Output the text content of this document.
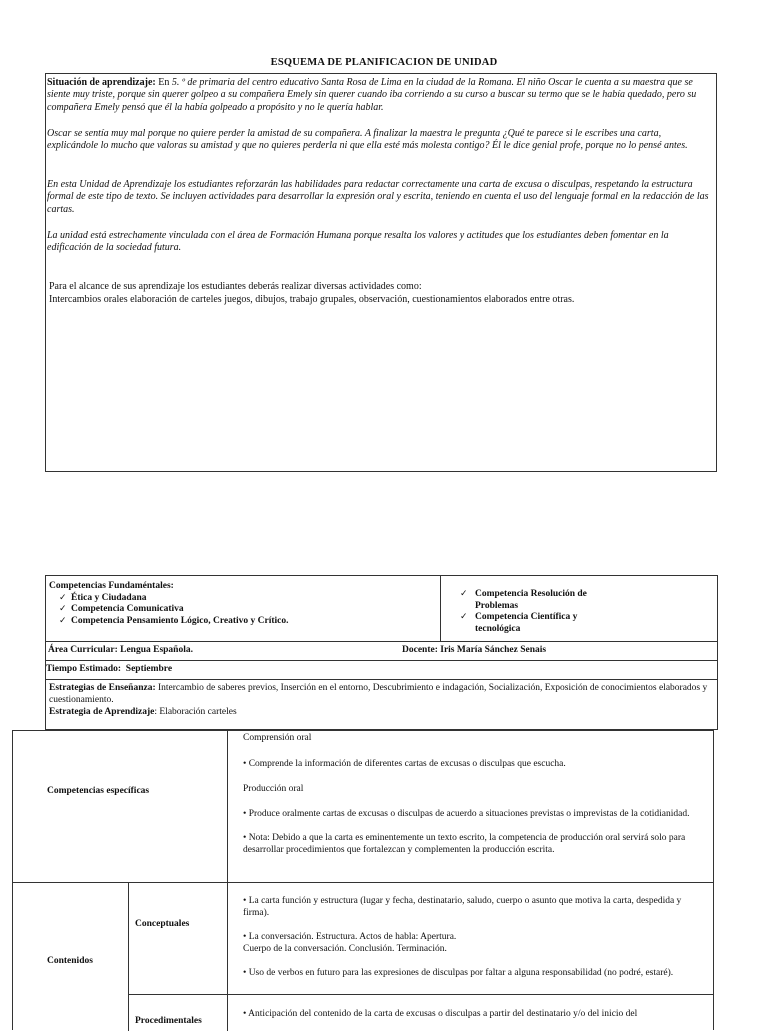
ESQUEMA DE PLANIFICACION DE UNIDAD
Situación de aprendizaje: En 5. º de primaria del centro educativo Santa Rosa de Lima en la ciudad de la Romana. El niño Oscar le cuenta a su maestra que se siente muy triste, porque sin querer golpeo a su compañera Emely sin querer cuando iba corriendo a su curso a buscar su termo que se le había quedado, pero su compañera Emely pensó que él la había golpeado a propósito y no le quería hablar.
Oscar se sentía muy mal porque no quiere perder la amistad de su compañera. A finalizar la maestra le pregunta ¿Qué te parece si le escribes una carta, explicándole lo mucho que valoras su amistad y que no quieres perderla ni que ella esté más molesta contigo? Él le dice genial profe, porque no lo pensé antes.
En esta Unidad de Aprendizaje los estudiantes reforzarán las habilidades para redactar correctamente una carta de excusa o disculpas, respetando la estructura formal de este tipo de texto. Se incluyen actividades para desarrollar la expresión oral y escrita, teniendo en cuenta el uso del lenguaje formal en la redacción de las cartas.
La unidad está estrechamente vinculada con el área de Formación Humana porque resalta los valores y actitudes que los estudiantes deben fomentar en la edificación de la sociedad futura.
Para el alcance de sus aprendizaje los estudiantes deberás realizar diversas actividades como:
Intercambios orales elaboración de carteles juegos, dibujos, trabajo grupales, observación, cuestionamientos elaborados entre otras.
Competencias Fundaméntales:
✓ Ética y Ciudadana
✓ Competencia Comunicativa
✓ Competencia Pensamiento Lógico, Creativo y Crítico.
✓ Competencia Resolución de Problemas
✓ Competencia Científica y tecnológica
Área Curricular: Lengua Española.	Docente: Iris María Sánchez Senais
Tiempo Estimado: Septiembre
Estrategias de Enseñanza: Intercambio de saberes previos, Inserción en el entorno, Descubrimiento e indagación, Socialización, Exposición de conocimientos elaborados y cuestionamiento.
Estrategia de Aprendizaje: Elaboración carteles
Competencias específicas
Comprensión oral
• Comprende la información de diferentes cartas de excusas o disculpas que escucha.
Producción oral
• Produce oralmente cartas de excusas o disculpas de acuerdo a situaciones previstas o imprevistas de la cotidianidad.
• Nota: Debido a que la carta es eminentemente un texto escrito, la competencia de producción oral servirá solo para desarrollar procedimientos que fortalezcan y complementen la producción escrita.
Contenidos
Conceptuales
• La carta función y estructura (lugar y fecha, destinatario, saludo, cuerpo o asunto que motiva la carta, despedida y firma).
• La conversación. Estructura. Actos de habla: Apertura.
Cuerpo de la conversación. Conclusión. Terminación.
• Uso de verbos en futuro para las expresiones de disculpas por faltar a alguna responsabilidad (no podré, estaré).
Procedimentales
• Anticipación del contenido de la carta de excusas o disculpas a partir del destinatario y/o del inicio del
